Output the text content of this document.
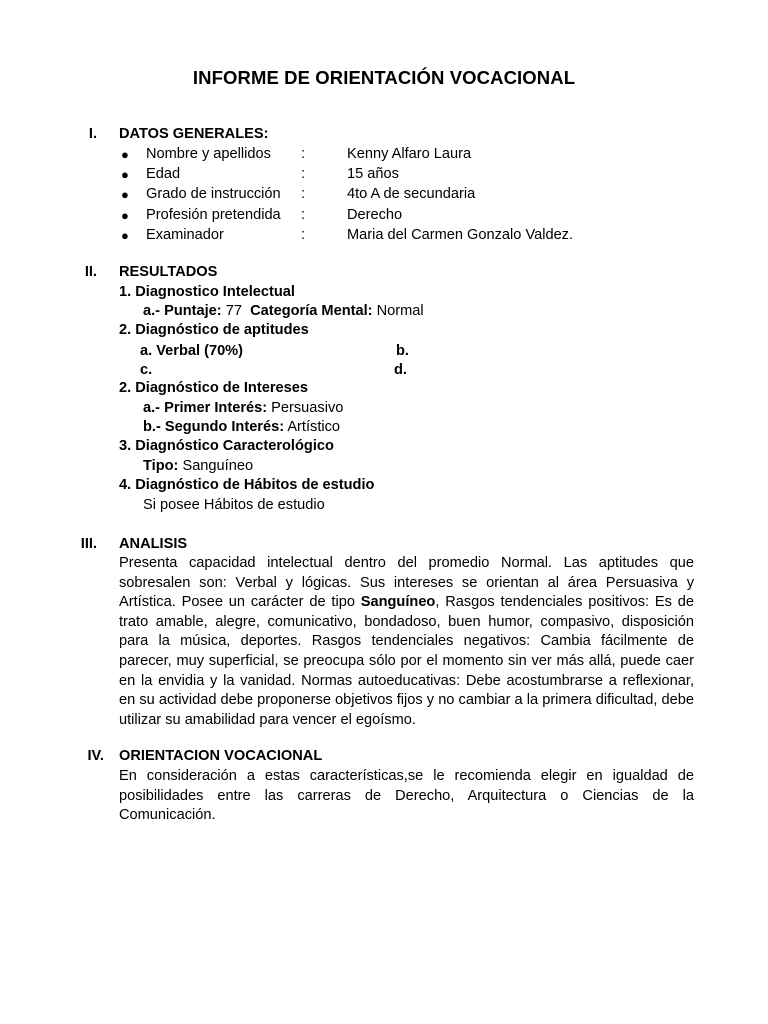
INFORME DE ORIENTACIÓN VOCACIONAL
I. DATOS GENERALES:
● Nombre y apellidos :	Kenny Alfaro Laura
● Edad	:	15 años
● Grado de instrucción :	4to A de secundaria
● Profesión pretendida :	Derecho
● Examinador	:	Maria del Carmen Gonzalo Valdez.
II. RESULTADOS
1. Diagnostico Intelectual
a.- Puntaje: 77  Categoría Mental: Normal
2. Diagnóstico de aptitudes
a. Verbal (70%)	b.
c.	d.
2. Diagnóstico de Intereses
a.- Primer Interés: Persuasivo
b.- Segundo Interés: Artístico
3. Diagnóstico Caracterológico
Tipo: Sanguíneo
4. Diagnóstico de Hábitos de estudio
Si posee Hábitos de estudio
III. ANALISIS
Presenta capacidad intelectual dentro del promedio Normal. Las aptitudes que sobresalen son: Verbal y lógicas. Sus intereses se orientan al área Persuasiva y Artística. Posee un carácter de tipo Sanguíneo, Rasgos tendenciales positivos: Es de trato amable, alegre, comunicativo, bondadoso, buen humor, compasivo, disposición para la música, deportes. Rasgos tendenciales negativos: Cambia fácilmente de parecer, muy superficial, se preocupa sólo por el momento sin ver más allá, puede caer en la envidia y la vanidad. Normas autoeducativas: Debe acostumbrarse a reflexionar, en su actividad debe proponerse objetivos fijos y no cambiar a la primera dificultad, debe utilizar su amabilidad para vencer el egoísmo.
IV. ORIENTACION VOCACIONAL
En consideración a estas características,se le recomienda elegir en igualdad de posibilidades entre las carreras de Derecho, Arquitectura o Ciencias de la Comunicación.
